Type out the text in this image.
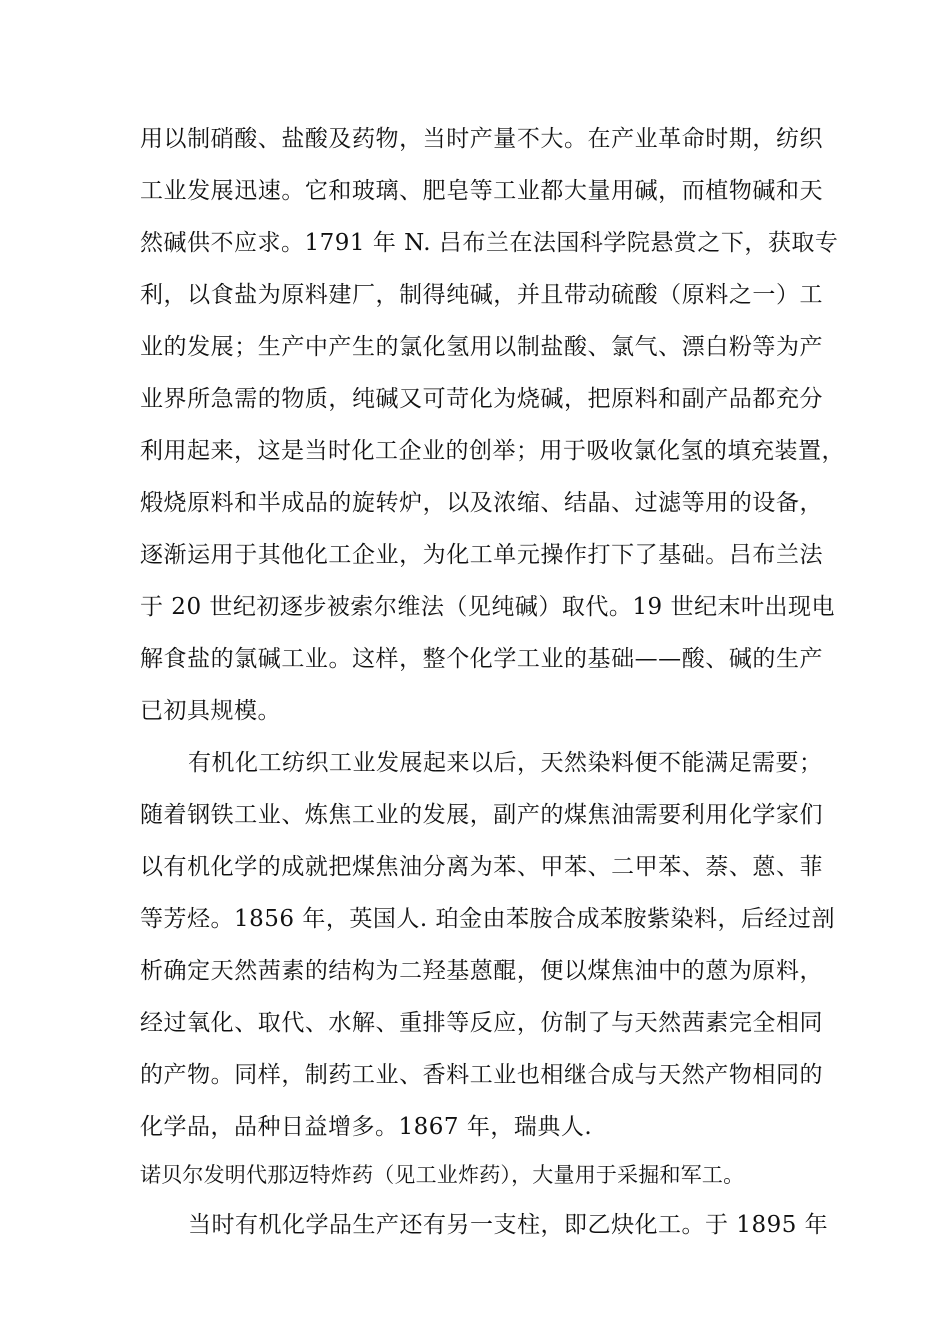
用以制硝酸、盐酸及药物，当时产量不大。在产业革命时期，纺织
工业发展迅速。它和玻璃、肥皂等工业都大量用碱，而植物碱和天
然碱供不应求。1791 年 N. 吕布兰在法国科学院悬赏之下，获取专
利，以食盐为原料建厂，制得纯碱，并且带动硫酸（原料之一）工
业的发展；生产中产生的氯化氢用以制盐酸、氯气、漂白粉等为产
业界所急需的物质，纯碱又可苛化为烧碱，把原料和副产品都充分
利用起来，这是当时化工企业的创举；用于吸收氯化氢的填充装置，
煅烧原料和半成品的旋转炉，以及浓缩、结晶、过滤等用的设备，
逐渐运用于其他化工企业，为化工单元操作打下了基础。吕布兰法
于 20 世纪初逐步被索尔维法（见纯碱）取代。19 世纪末叶出现电
解食盐的氯碱工业。这样，整个化学工业的基础——酸、碱的生产
已初具规模。
有机化工纺织工业发展起来以后，天然染料便不能满足需要；
随着钢铁工业、炼焦工业的发展，副产的煤焦油需要利用化学家们
以有机化学的成就把煤焦油分离为苯、甲苯、二甲苯、萘、蒽、菲
等芳烃。1856 年，英国人. 珀金由苯胺合成苯胺紫染料，后经过剖
析确定天然茜素的结构为二羟基蒽醌，便以煤焦油中的蒽为原料，
经过氧化、取代、水解、重排等反应，仿制了与天然茜素完全相同
的产物。同样，制药工业、香料工业也相继合成与天然产物相同的
化学品，品种日益增多。1867 年，瑞典人.
诺贝尔发明代那迈特炸药（见工业炸药），大量用于采掘和军工。
当时有机化学品生产还有另一支柱，即乙炔化工。于 1895 年
